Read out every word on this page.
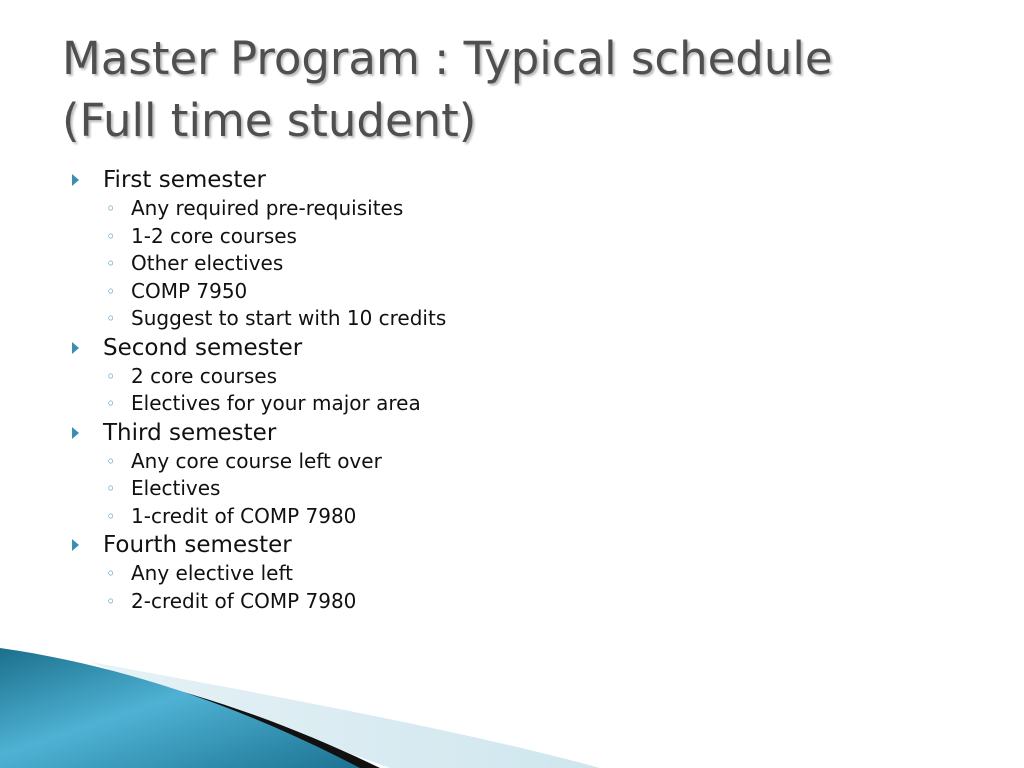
Master Program : Typical schedule
(Full time student)
First semester
◦ Any required pre-requisites
◦ 1-2 core courses
◦ Other electives
◦ COMP 7950
◦ Suggest to start with 10 credits
Second semester
◦ 2 core courses
◦ Electives for your major area
Third semester
◦ Any core course left over
◦ Electives
◦ 1-credit of COMP 7980
Fourth semester
◦ Any elective left
◦ 2-credit of COMP 7980
